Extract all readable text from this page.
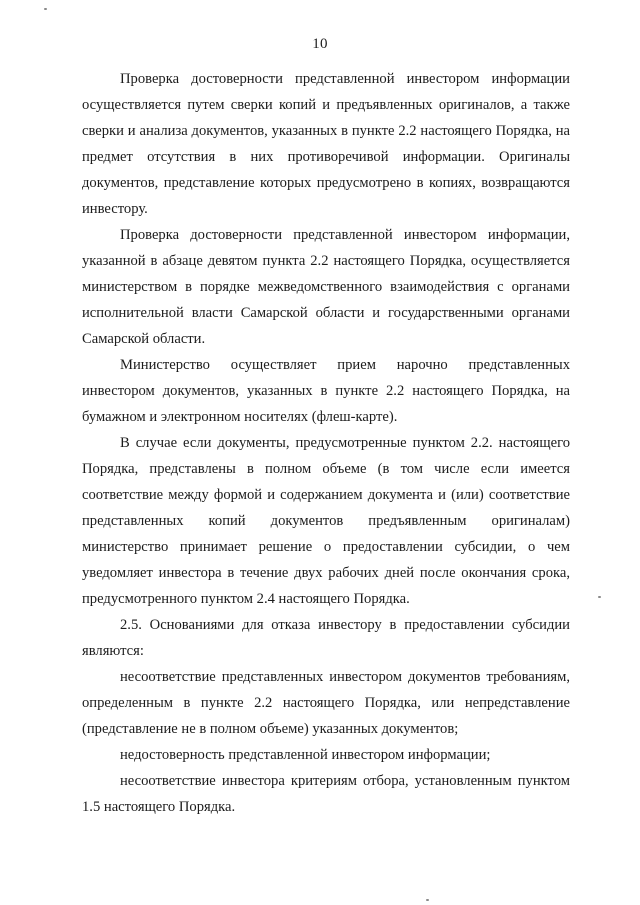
10

Проверка достоверности представленной инвестором информации осуществляется путем сверки копий и предъявленных оригиналов, а также сверки и анализа документов, указанных в пункте 2.2 настоящего Порядка, на предмет отсутствия в них противоречивой информации. Оригиналы документов, представление которых предусмотрено в копиях, возвращаются инвестору.

Проверка достоверности представленной инвестором информации, указанной в абзаце девятом пункта 2.2 настоящего Порядка, осуществляется министерством в порядке межведомственного взаимодействия с органами исполнительной власти Самарской области и государственными органами Самарской области.

Министерство осуществляет прием нарочно представленных инвестором документов, указанных в пункте 2.2 настоящего Порядка, на бумажном и электронном носителях (флеш-карте).

В случае если документы, предусмотренные пунктом 2.2. настоящего Порядка, представлены в полном объеме (в том числе если имеется соответствие между формой и содержанием документа и (или) соответствие представленных копий документов предъявленным оригиналам) министерство принимает решение о предоставлении субсидии, о чем уведомляет инвестора в течение двух рабочих дней после окончания срока, предусмотренного пунктом 2.4 настоящего Порядка.

2.5. Основаниями для отказа инвестору в предоставлении субсидии являются:

несоответствие представленных инвестором документов требованиям, определенным в пункте 2.2 настоящего Порядка, или непредставление (представление не в полном объеме) указанных документов;

недостоверность представленной инвестором информации;

несоответствие инвестора критериям отбора, установленным пунктом 1.5 настоящего Порядка.
